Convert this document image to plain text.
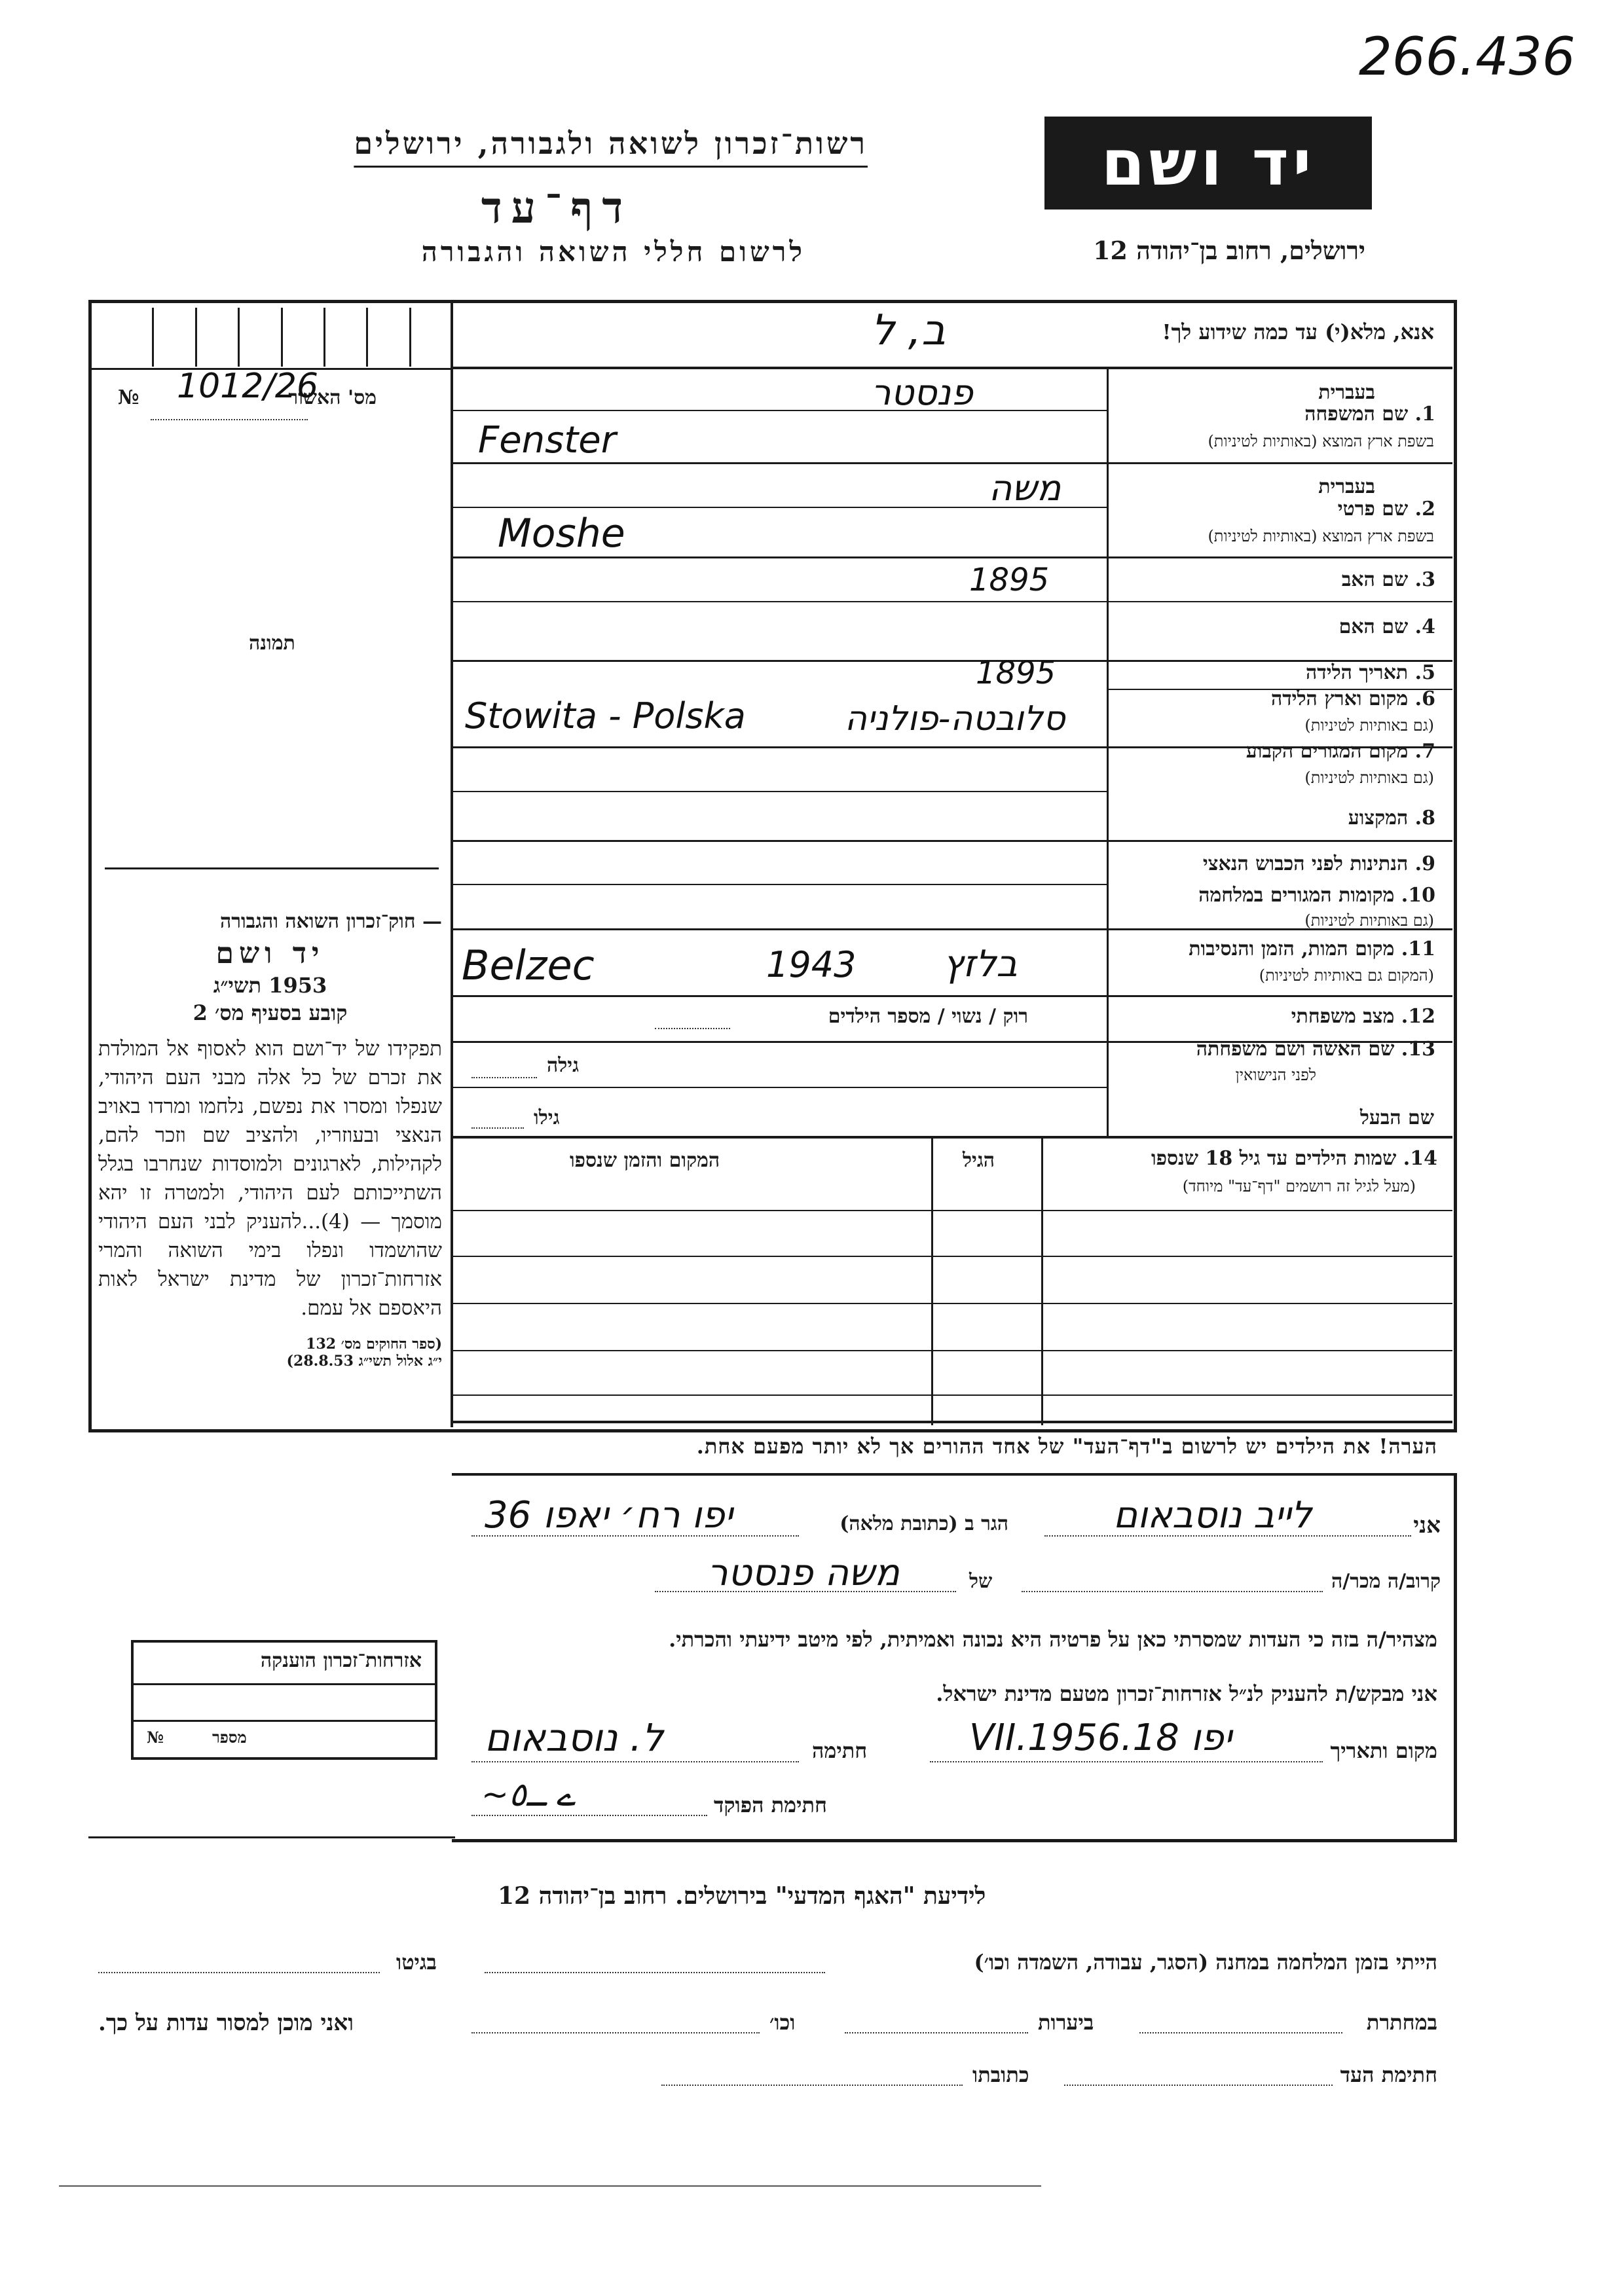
266.436
יד ושם
ירושלים, רחוב בן־יהודה 12
רשות־זכרון לשואה ולגבורה, ירושלים
דף־עד
לרשום חללי השואה והגבורה
מס' האשור
№ 1012/26
תמונה
— חוק־זכרון השואה והגבורה
יד ושם
1953 תשי״ג
קובע בסעיף מס׳ 2
תפקידו של יד־ושם הוא לאסוף אל המולדת את זכרם של כל אלה מבני העם היהודי, שנפלו ומסרו את נפשם, נלחמו ומרדו באויב הנאצי ובעוזריו, ולהציב שם וזכר להם, לקהילות, לארגונים ולמוסדות שנחרבו בגלל השתייכותם לעם היהודי, ולמטרה זו יהא מוסמך — (4)...להעניק לבני העם היהודי שהושמדו ונפלו בימי השואה והמרי אזרחות־זכרון של מדינת ישראל לאות היאספם אל עמם.
(ספר החוקים מס׳ 132
י״ג אלול תשי״ג 28.8.53)
אנא, מלא(י) עד כמה שידוע לך!
ב, ל
בעברית
1. שם המשפחה
בשפת ארץ המוצא (באותיות לטיניות)
פנסטר
Fenster
בעברית
2. שם פרטי
בשפת ארץ המוצא (באותיות לטיניות)
משה
Moshe
3. שם האב
1895
4. שם האם
5. תאריך הלידה
1895
6. מקום וארץ הלידה
(גם באותיות לטיניות)
Stowita - Polska	סלובטה-פולניה
7. מקום המגורים הקבוע
(גם באותיות לטיניות)
8. המקצוע
9. הנתינות לפני הכבוש הנאצי
10. מקומות המגורים במלחמה
(גם באותיות לטיניות)
11. מקום המות, הזמן והנסיבות
(המקום גם באותיות לטיניות)
Belzec	1943 בלזץ
12. מצב משפחתי
רוק / נשוי / מספר הילדים
13. שם האשה ושם משפחתה
לפני הנישואין
גילה
שם הבעל
גילו
14. שמות הילדים עד גיל 18 שנספו
(מעל לגיל זה רושמים "דף־עד" מיוחד)
הגיל
המקום והזמן שנספו
הערה! את הילדים יש לרשום ב"דף־העד" של אחד ההורים אך לא יותר מפעם אחת.
אני
לייב נוסבאום
הגר ב (כתובת מלאה)
יפו רח׳ יאפו 36
קרוב/ה מכר/ה
של
משה פנסטר
מצהיר/ה בזה כי העדות שמסרתי כאן על פרטיה היא נכונה ואמיתית, לפי מיטב ידיעתי והכרתי.
אני מבקש/ת להעניק לנ״ל אזרחות־זכרון מטעם מדינת ישראל.
מקום ותאריך
יפו 18.VII.1956
חתימה
ל. נוסבאום
חתימת הפוקד
~ے ـ٥
אזרחות־זכרון הוענקה
מספר
№
לידיעת "האגף המדעי" בירושלים. רחוב בן־יהודה 12
הייתי בזמן המלחמה במחנה (הסגר, עבודה, השמדה וכו׳)
בגיטו
במחתרת
ביערות
וכו׳
ואני מוכן למסור עדות על כך.
חתימת העד
כתובתו
